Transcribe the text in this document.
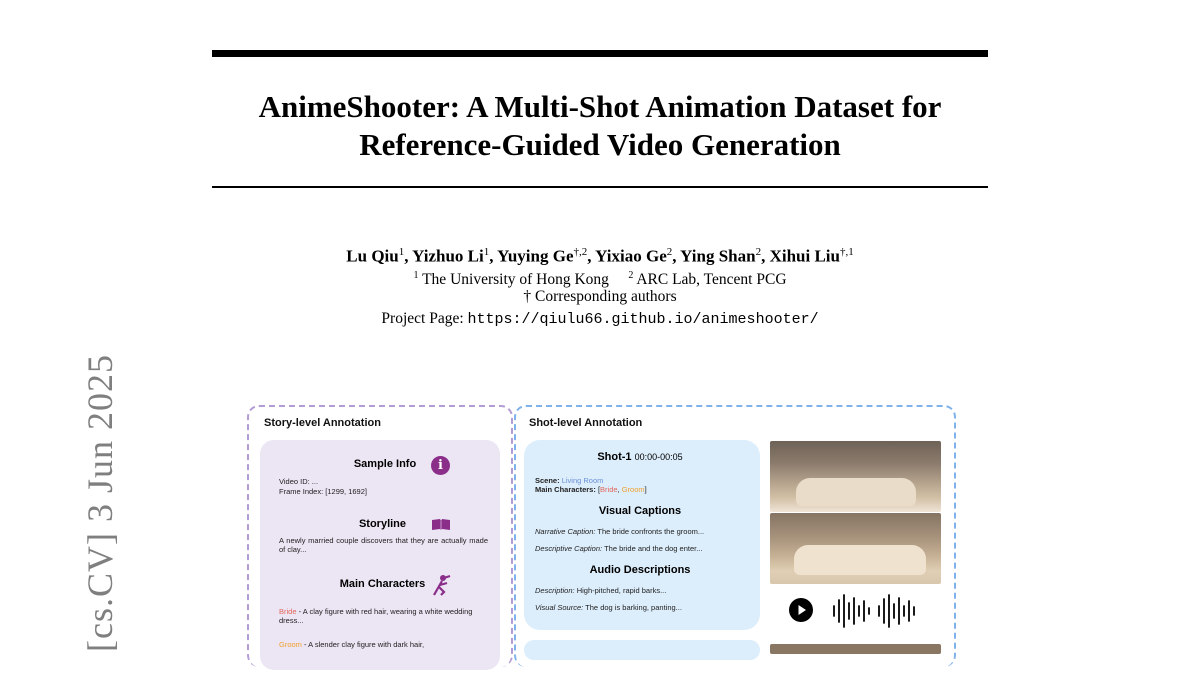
AnimeShooter: A Multi-Shot Animation Dataset for
Reference-Guided Video Generation
Lu Qiu$^1$, Yizhuo Li$^1$, Yuying $Ge^{\dagger,2}$, Yixiao Ge$^2$, Ying Shan$^2$, Xihui Liu$^{\dagger,1}$
$^1$ The University of Hong Kong $^2$ ARC Lab, Tencent PCG
† Corresponding authors
Project Page: https://qiulu66.github.io/animeshooter/
[cs.CV] 3 Jun 2025	Story-level Annotation	Shot-level Annotation
Sample Info	i
Video ID: ...
Frame Index: [1299, 1692]
Storyline
A newly married couple discovers that they are actually made of clay...
Main Characters
Bride - A clay figure with red hair, wearing a white wedding dress...
Groom - A slender clay figure with dark hair,
Shot-1 00:00-00:05
Scene: Living Room
Main Characters: [Bride, Groom]
Visual Captions
Narrative Caption: The bride confronts the groom...
Descriptive Caption: The bride and the dog enter...
Audio Descriptions
Description: High-pitched, rapid barks...
Visual Source: The dog is barking, panting...
